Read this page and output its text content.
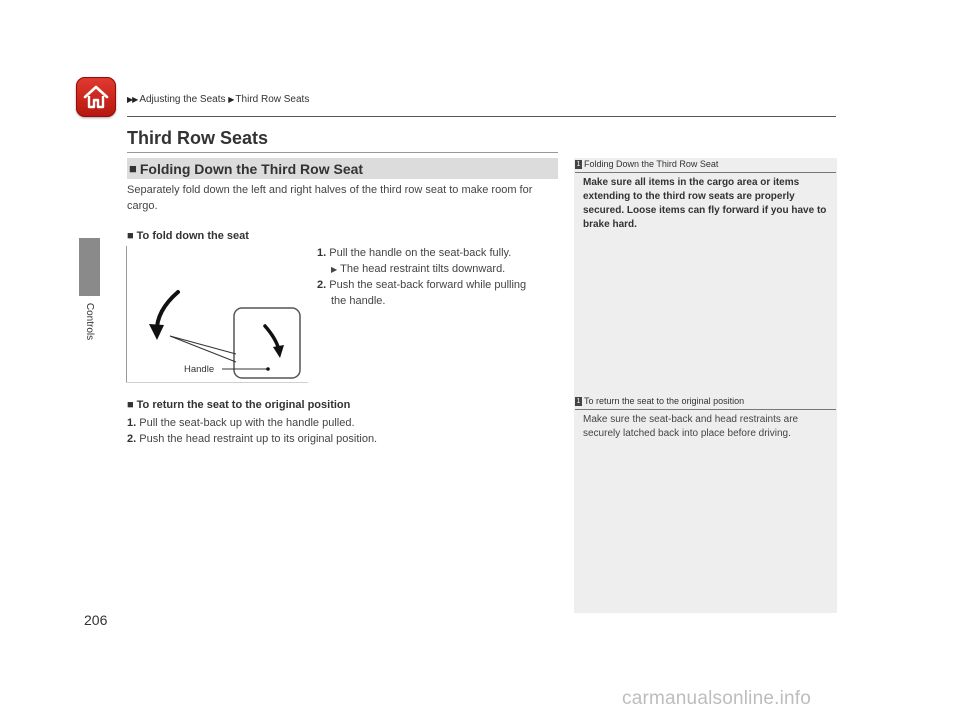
▶▶ Adjusting the Seats ▶ Third Row Seats
Controls
Third Row Seats
■ Folding Down the Third Row Seat
Separately fold down the left and right halves of the third row seat to make room for cargo.
■ To fold down the seat
Handle
1. Pull the handle on the seat-back fully.
▶ The head restraint tilts downward.
2. Push the seat-back forward while pulling
the handle.
■ To return the seat to the original position
1. Pull the seat-back up with the handle pulled.
2. Push the head restraint up to its original position.
1 Folding Down the Third Row Seat
Make sure all items in the cargo area or items extending to the third row seats are properly secured. Loose items can fly forward if you have to brake hard.
1 To return the seat to the original position
Make sure the seat-back and head restraints are securely latched back into place before driving.
206
carmanualsonline.info
